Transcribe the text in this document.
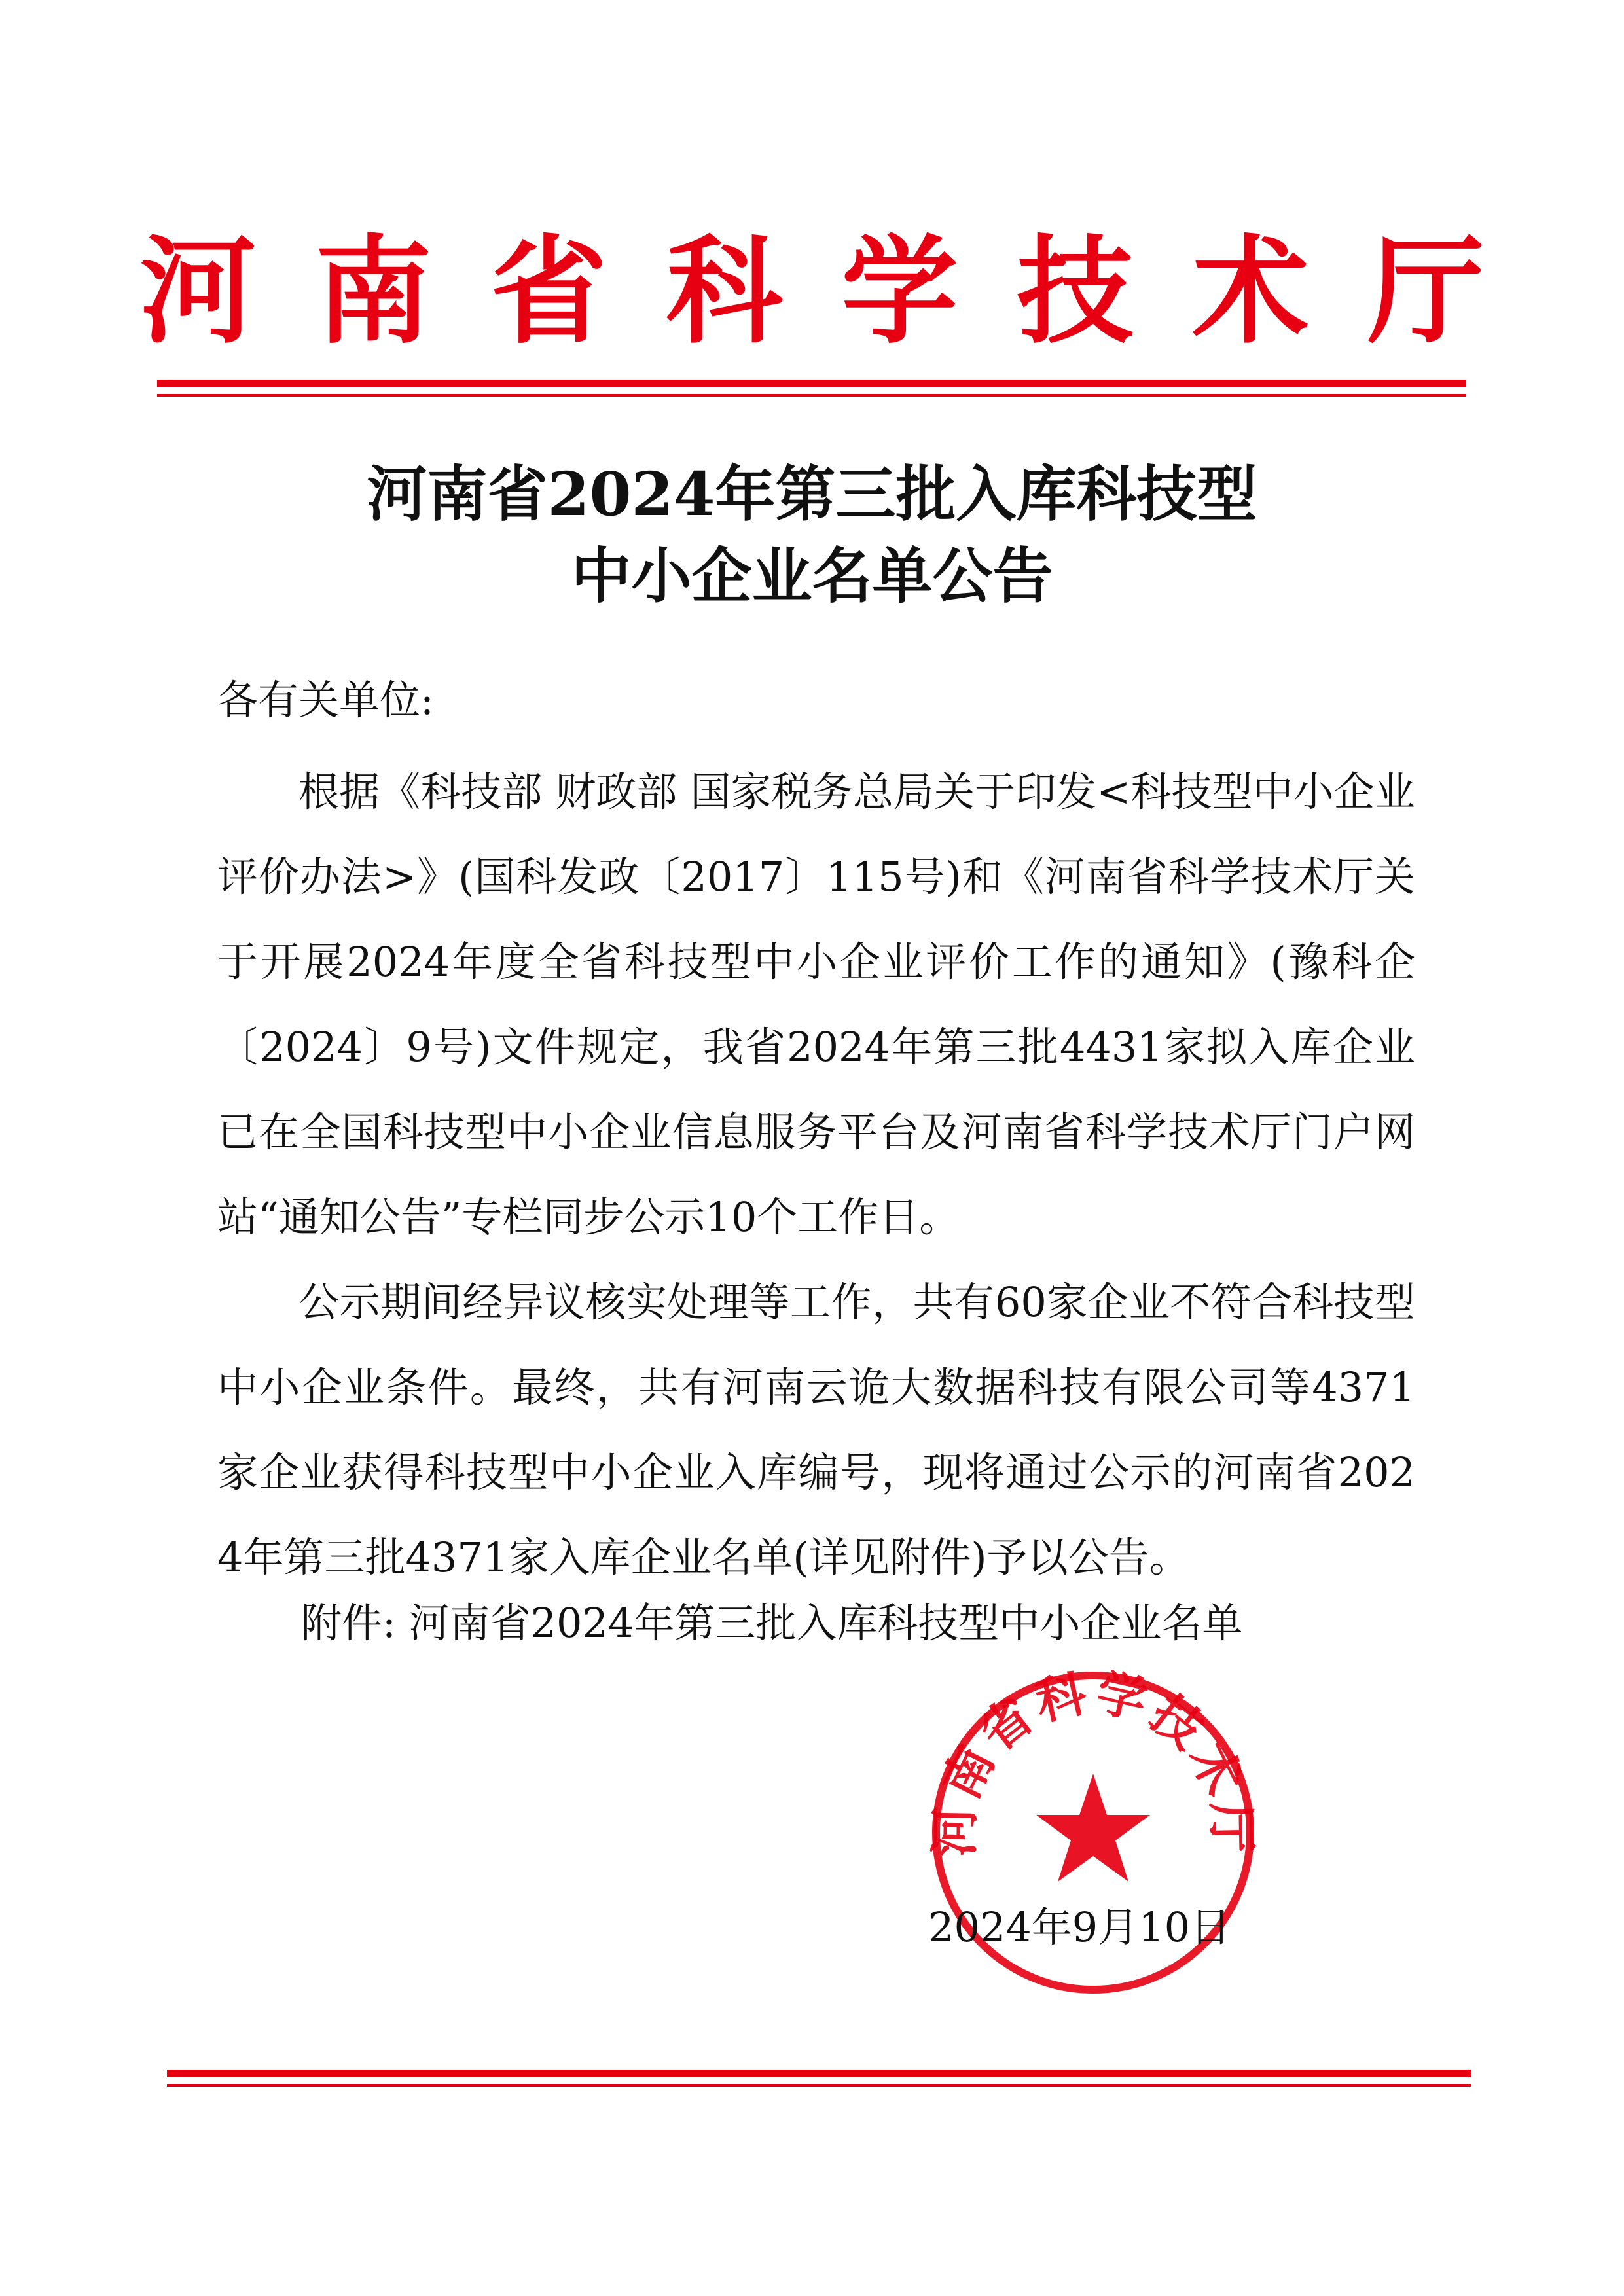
河南省科学技术厅
河南省2024年第三批入库科技型
中小企业名单公告
各有关单位:

根据《科技部 财政部 国家税务总局关于印发<科技型中小企业评价办法>》(国科发政〔2017〕115号)和《河南省科学技术厅关于开展2024年度全省科技型中小企业评价工作的通知》(豫科企〔2024〕9号)文件规定，我省2024年第三批4431家拟入库企业已在全国科技型中小企业信息服务平台及河南省科学技术厅门户网站“通知公告”专栏同步公示10个工作日。

公示期间经异议核实处理等工作，共有60家企业不符合科技型中小企业条件。最终，共有河南云诡大数据科技有限公司等4371家企业获得科技型中小企业入库编号，现将通过公示的河南省2024年第三批4371家入库企业名单(详见附件)予以公告。

附件: 河南省2024年第三批入库科技型中小企业名单
河南省科学技术厅
2024年9月10日
